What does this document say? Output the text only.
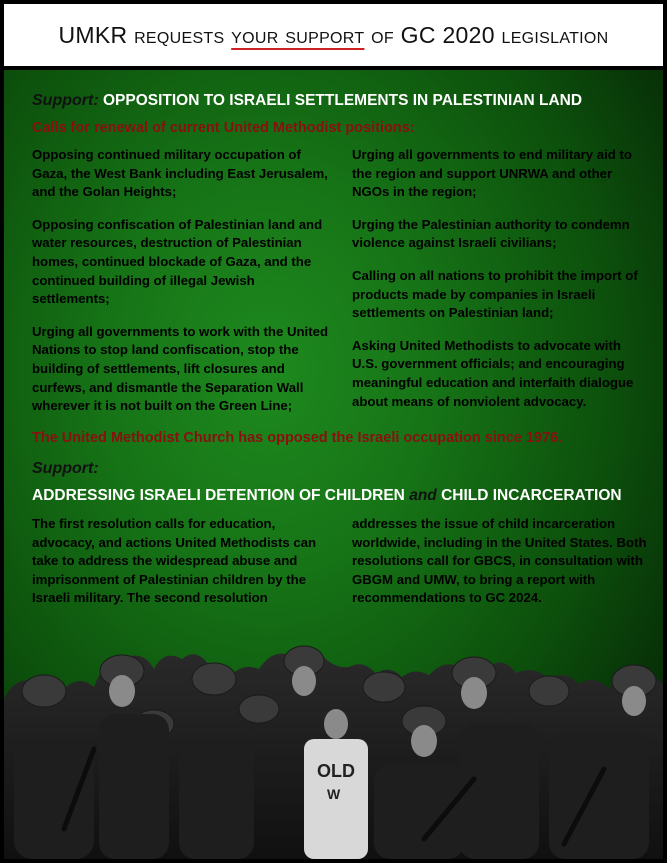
UMKR requests your support of GC 2020 legislation
Support: OPPOSITION TO ISRAELI SETTLEMENTS IN PALESTINIAN LAND
Calls for renewal of current United Methodist positions:

Opposing continued military occupation of Gaza, the West Bank including East Jerusalem, and the Golan Heights;

Opposing confiscation of Palestinian land and water resources, destruction of Palestinian homes, continued blockade of Gaza, and the continued building of illegal Jewish settlements;

Urging all governments to work with the United Nations to stop land confiscation, stop the building of settlements, lift closures and curfews, and dismantle the Separation Wall wherever it is not built on the Green Line;

Urging all governments to end military aid to the region and support UNRWA and other NGOs in the region;

Urging the Palestinian authority to condemn violence against Israeli civilians;

Calling on all nations to prohibit the import of products made by companies in Israeli settlements on Palestinian land;

Asking United Methodists to advocate with U.S. government officials; and encouraging meaningful education and interfaith dialogue about means of nonviolent advocacy.

The United Methodist Church has opposed the Israeli occupation since 1976.
Support:
ADDRESSING ISRAELI DETENTION OF CHILDREN and CHILD INCARCERATION

The first resolution calls for education, advocacy, and actions United Methodists can take to address the widespread abuse and imprisonment of Palestinian children by the Israeli military. The second resolution

addresses the issue of child incarceration worldwide, including in the United States. Both resolutions call for GBCS, in consultation with GBGM and UMW, to bring a report with recommendations to GC 2024.

OLD
W
